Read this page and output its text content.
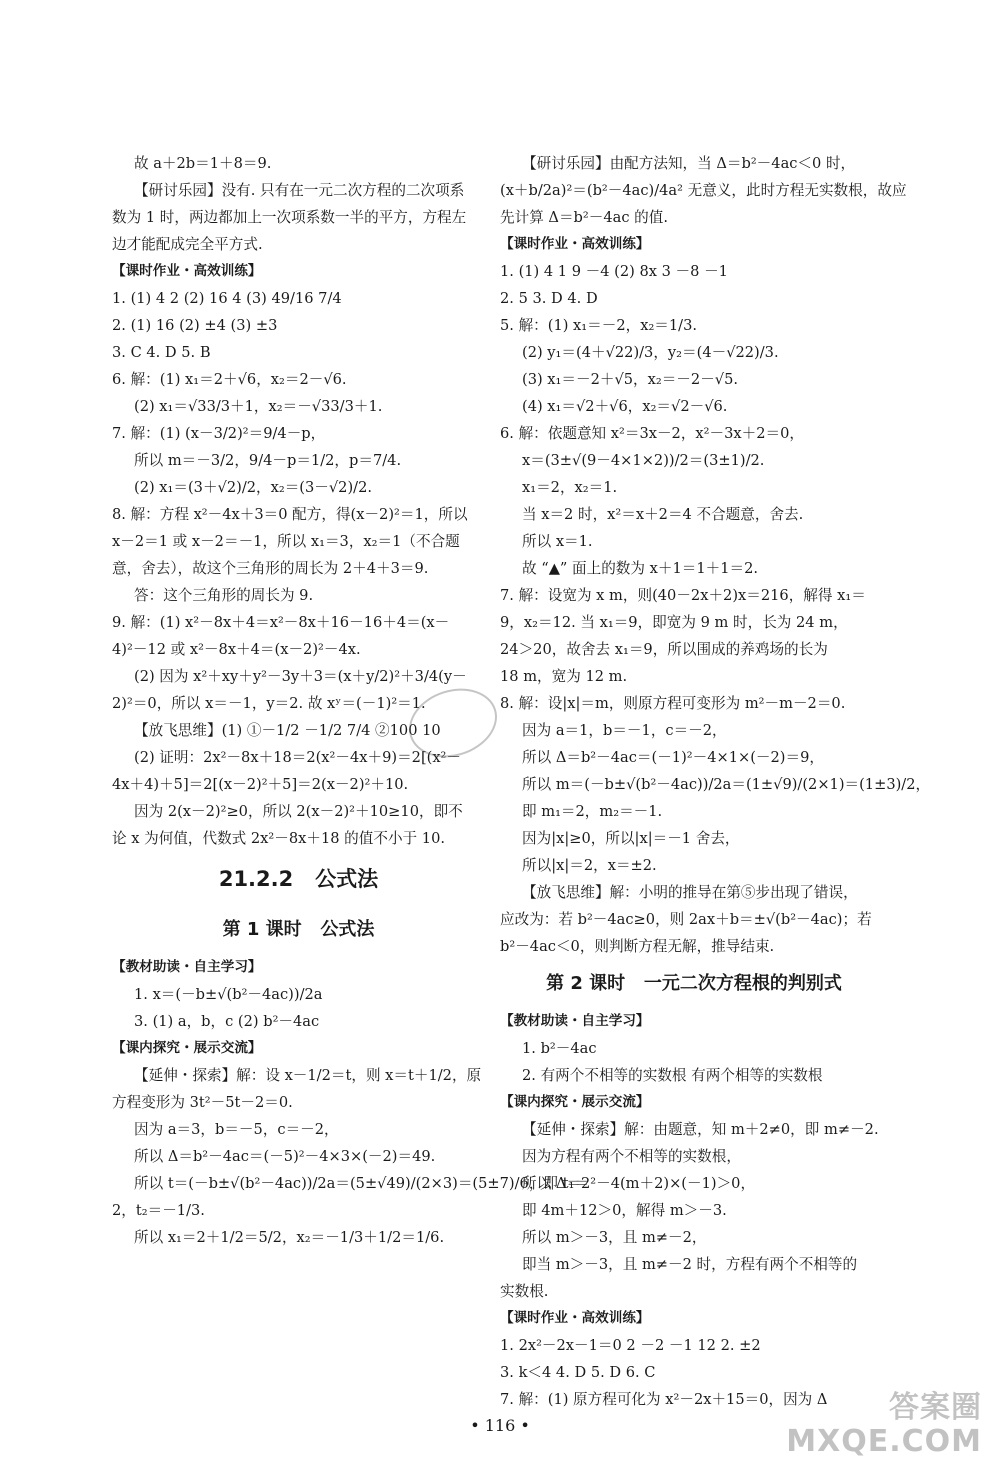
故 a＋2b＝1＋8＝9.
【研讨乐园】没有. 只有在一元二次方程的二次项系
数为 1 时，两边都加上一次项系数一半的平方，方程左
边才能配成完全平方式.
【课时作业・高效训练】
1. (1) 4 2 (2) 16 4 (3) 49/16 7/4
2. (1) 16 (2) ±4 (3) ±3
3. C 4. D 5. B
6. 解：(1) x₁＝2＋√6，x₂＝2－√6.
(2) x₁＝√33/3＋1，x₂＝－√33/3＋1.
7. 解：(1) (x－3/2)²＝9/4－p，
所以 m＝－3/2，9/4－p＝1/2，p＝7/4.
(2) x₁＝(3＋√2)/2，x₂＝(3－√2)/2.
8. 解：方程 x²－4x＋3＝0 配方，得(x－2)²＝1，所以
x－2＝1 或 x－2＝－1，所以 x₁＝3，x₂＝1（不合题
意，舍去），故这个三角形的周长为 2＋4＋3＝9.
答：这个三角形的周长为 9.
9. 解：(1) x²－8x＋4＝x²－8x＋16－16＋4＝(x－
4)²－12 或 x²－8x＋4＝(x－2)²－4x.
(2) 因为 x²＋xy＋y²－3y＋3＝(x＋y/2)²＋3/4(y－
2)²＝0，所以 x＝－1，y＝2. 故 xʸ＝(－1)²＝1.
【放飞思维】(1) ①－1/2 －1/2 7/4 ②100 10
(2) 证明：2x²－8x＋18＝2(x²－4x＋9)＝2[(x²－
4x＋4)＋5]＝2[(x－2)²＋5]＝2(x－2)²＋10.
因为 2(x－2)²≥0，所以 2(x－2)²＋10≥10，即不
论 x 为何值，代数式 2x²－8x＋18 的值不小于 10.
21.2.2   公式法
第 1 课时   公式法
【教材助读・自主学习】
1. x＝(－b±√(b²－4ac))/2a
3. (1) a，b，c (2) b²－4ac
【课内探究・展示交流】
【延伸・探索】解：设 x－1/2＝t，则 x＝t＋1/2，原
方程变形为 3t²－5t－2＝0.
因为 a＝3，b＝－5，c＝－2，
所以 Δ＝b²－4ac＝(－5)²－4×3×(－2)＝49.
所以 t＝(－b±√(b²－4ac))/2a＝(5±√49)/(2×3)＝(5±7)/6，即 t₁＝
2，t₂＝－1/3.
所以 x₁＝2＋1/2＝5/2，x₂＝－1/3＋1/2＝1/6.
【研讨乐园】由配方法知，当 Δ＝b²－4ac＜0 时，
(x＋b/2a)²＝(b²－4ac)/4a² 无意义，此时方程无实数根，故应
先计算 Δ＝b²－4ac 的值.
【课时作业・高效训练】
1. (1) 4 1 9 －4 (2) 8x 3 －8 －1
2. 5 3. D 4. D
5. 解：(1) x₁＝－2，x₂＝1/3.
(2) y₁＝(4＋√22)/3，y₂＝(4－√22)/3.
(3) x₁＝－2＋√5，x₂＝－2－√5.
(4) x₁＝√2＋√6，x₂＝√2－√6.
6. 解：依题意知 x²＝3x－2，x²－3x＋2＝0，
x＝(3±√(9－4×1×2))/2＝(3±1)/2.
x₁＝2，x₂＝1.
当 x＝2 时，x²＝x＋2＝4 不合题意，舍去.
所以 x＝1.
故 “▲” 面上的数为 x＋1＝1＋1＝2.
7. 解：设宽为 x m，则(40－2x＋2)x＝216，解得 x₁＝
9，x₂＝12. 当 x₁＝9，即宽为 9 m 时，长为 24 m，
24＞20，故舍去 x₁＝9，所以围成的养鸡场的长为
18 m，宽为 12 m.
8. 解：设|x|＝m，则原方程可变形为 m²－m－2＝0.
因为 a＝1，b＝－1，c＝－2，
所以 Δ＝b²－4ac＝(－1)²－4×1×(－2)＝9，
所以 m＝(－b±√(b²－4ac))/2a＝(1±√9)/(2×1)＝(1±3)/2，
即 m₁＝2，m₂＝－1.
因为|x|≥0，所以|x|＝－1 舍去，
所以|x|＝2，x＝±2.
【放飞思维】解：小明的推导在第⑤步出现了错误，
应改为：若 b²－4ac≥0，则 2ax＋b＝±√(b²－4ac)；若
b²－4ac＜0，则判断方程无解，推导结束.
第 2 课时   一元二次方程根的判别式
【教材助读・自主学习】
1. b²－4ac
2. 有两个不相等的实数根 有两个相等的实数根
【课内探究・展示交流】
【延伸・探索】解：由题意，知 m＋2≠0，即 m≠－2.
因为方程有两个不相等的实数根，
所以 Δ＝2²－4(m＋2)×(－1)＞0，
即 4m＋12＞0，解得 m＞－3.
所以 m＞－3，且 m≠－2，
即当 m＞－3，且 m≠－2 时，方程有两个不相等的
实数根.
【课时作业・高效训练】
1. 2x²－2x－1＝0 2 －2 －1 12 2. ±2
3. k＜4 4. D 5. D 6. C
7. 解：(1) 原方程可化为 x²－2x＋15＝0，因为 Δ
• 116 •
答案圈
MXQE.COM
